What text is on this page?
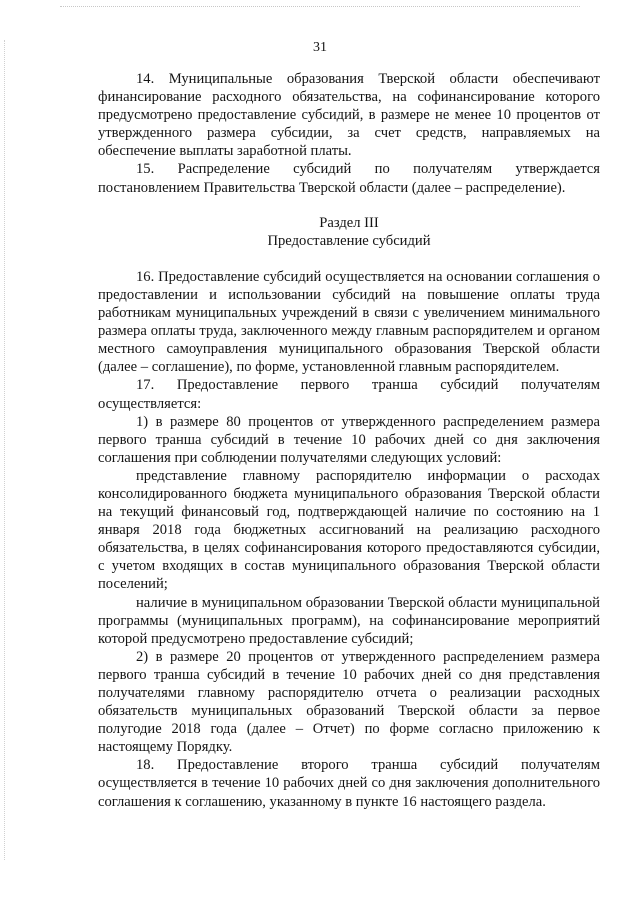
31

14. Муниципальные образования Тверской области обеспечивают финансирование расходного обязательства, на софинансирование которого предусмотрено предоставление субсидий, в размере не менее 10 процентов от утвержденного размера субсидии, за счет средств, направляемых на обеспечение выплаты заработной платы.

15. Распределение субсидий по получателям утверждается постановлением Правительства Тверской области (далее – распределение).

Раздел III

Предоставление субсидий

16. Предоставление субсидий осуществляется на основании соглашения о предоставлении и использовании субсидий на повышение оплаты труда работникам муниципальных учреждений в связи с увеличением минимального размера оплаты труда, заключенного между главным распорядителем и органом местного самоуправления муниципального образования Тверской области (далее – соглашение), по форме, установленной главным распорядителем.

17. Предоставление первого транша субсидий получателям осуществляется:

1) в размере 80 процентов от утвержденного распределением размера первого транша субсидий в течение 10 рабочих дней со дня заключения соглашения при соблюдении получателями следующих условий:

представление главному распорядителю информации о расходах консолидированного бюджета муниципального образования Тверской области на текущий финансовый год, подтверждающей наличие по состоянию на 1 января 2018 года бюджетных ассигнований на реализацию расходного обязательства, в целях софинансирования которого предоставляются субсидии, с учетом входящих в состав муниципального образования Тверской области поселений;

наличие в муниципальном образовании Тверской области муниципальной программы (муниципальных программ), на софинансирование мероприятий которой предусмотрено предоставление субсидий;

2) в размере 20 процентов от утвержденного распределением размера первого транша субсидий в течение 10 рабочих дней со дня представления получателями главному распорядителю отчета о реализации расходных обязательств муниципальных образований Тверской области за первое полугодие 2018 года (далее – Отчет) по форме согласно приложению к настоящему Порядку.

18. Предоставление второго транша субсидий получателям осуществляется в течение 10 рабочих дней со дня заключения дополнительного соглашения к соглашению, указанному в пункте 16 настоящего раздела.
